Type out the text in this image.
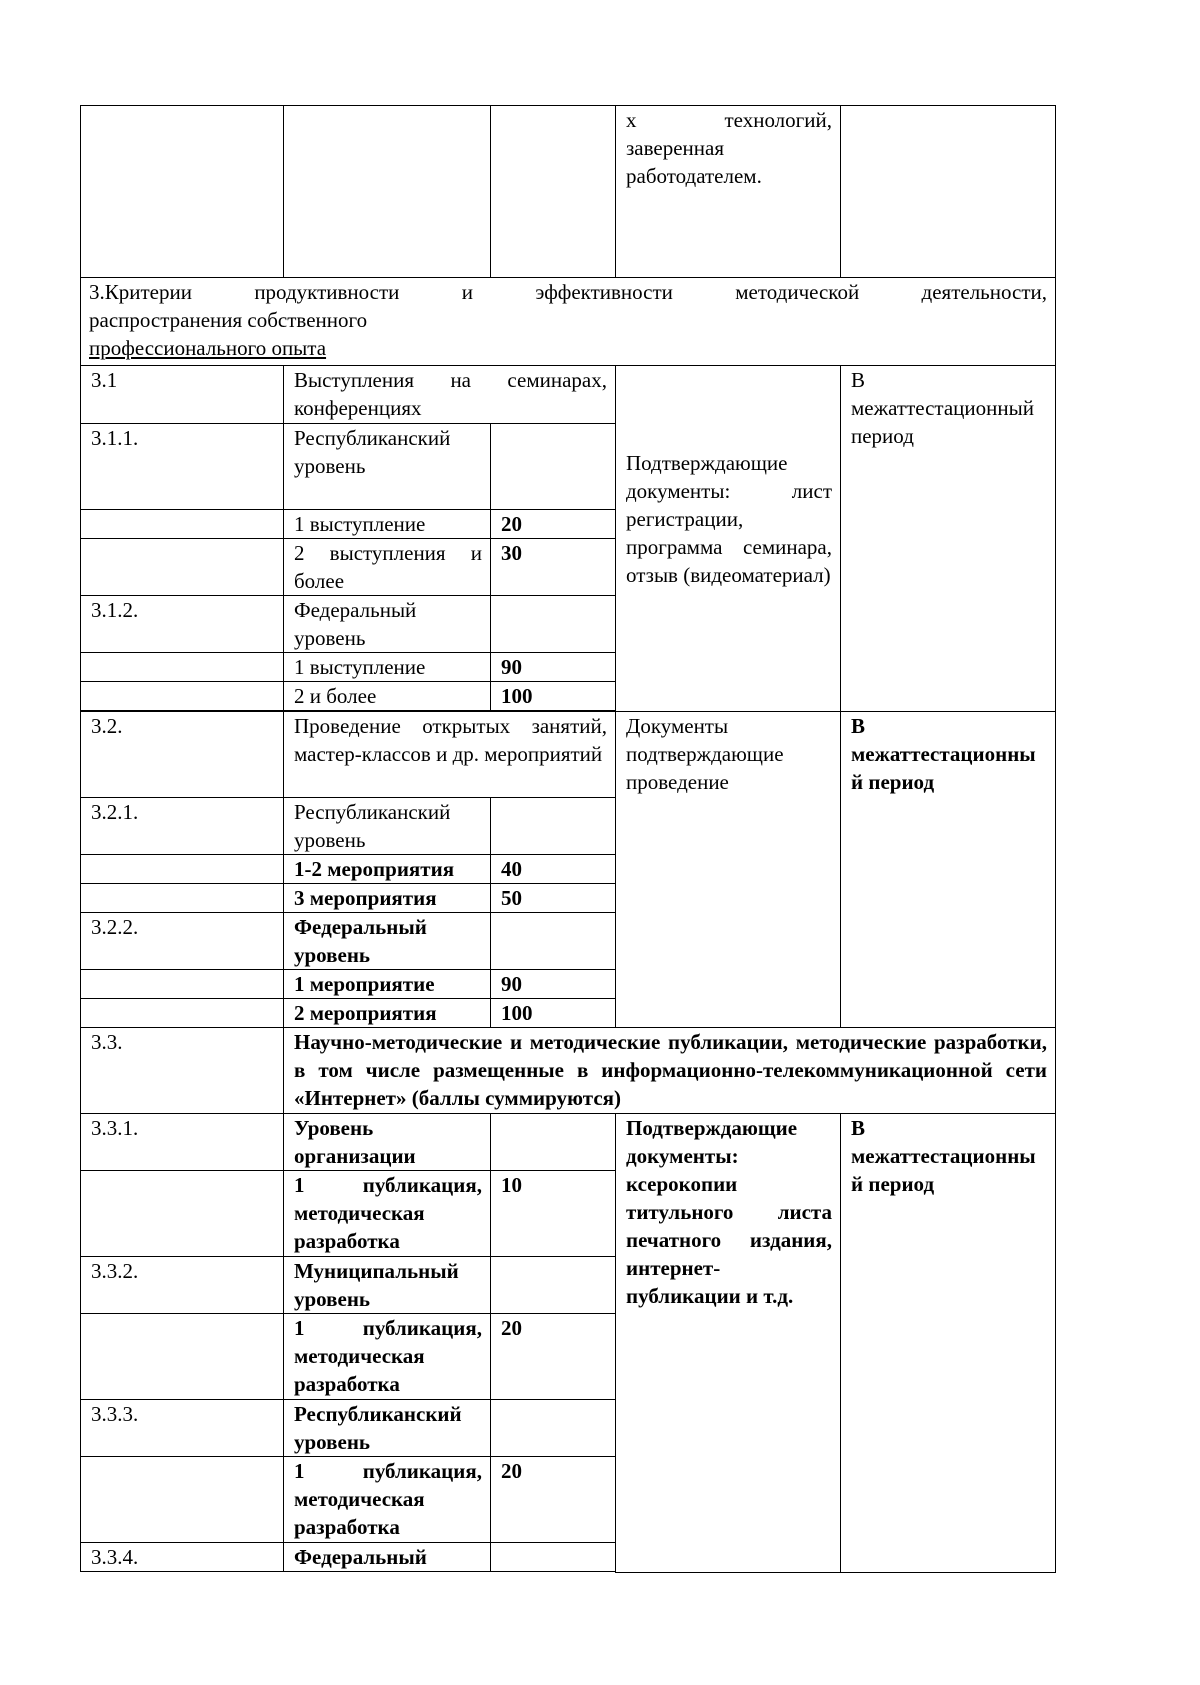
			х технологий, заверенная работодателем.	

3.Критерии продуктивности и эффективности методической деятельности,
распространения собственного
профессионального опыта				

3.1	Выступления на семинарах, конференциях		Подтверждающие документы: лист регистрации, программа семинара, отзыв (видеоматериал)	В межаттестационный период
3.1.1.	Республиканский уровень			
	1 выступление	20		
	2 выступления и более	30		
3.1.2.	Федеральный уровень			
	1 выступление	90		
	2 и более	100		

3.2.	Проведение открытых занятий, мастер-классов и др. мероприятий		Документы подтверждающие проведение	В межаттестационный период
3.2.1.	Республиканский уровень			
	1-2 мероприятия	40		
	3 мероприятия	50		
3.2.2.	Федеральный уровень			
	1 мероприятие	90		
	2 мероприятия	100		
3.3.	Научно-методические и методические публикации, методические разработки, в том числе размещенные в информационно-телекоммуникационной сети «Интернет» (баллы суммируются)			
3.3.1.	Уровень организации		Подтверждающие документы: ксерокопии титульного листа печатного издания, интернет-публикации и т.д.	В межаттестационный период
	1 публикация, методическая разработка	10		
3.3.2.	Муниципальный уровень			
	1 публикация, методическая разработка	20		
3.3.3.	Республиканский уровень			
	1 публикация, методическая разработка	20		
3.3.4.	Федеральный			
